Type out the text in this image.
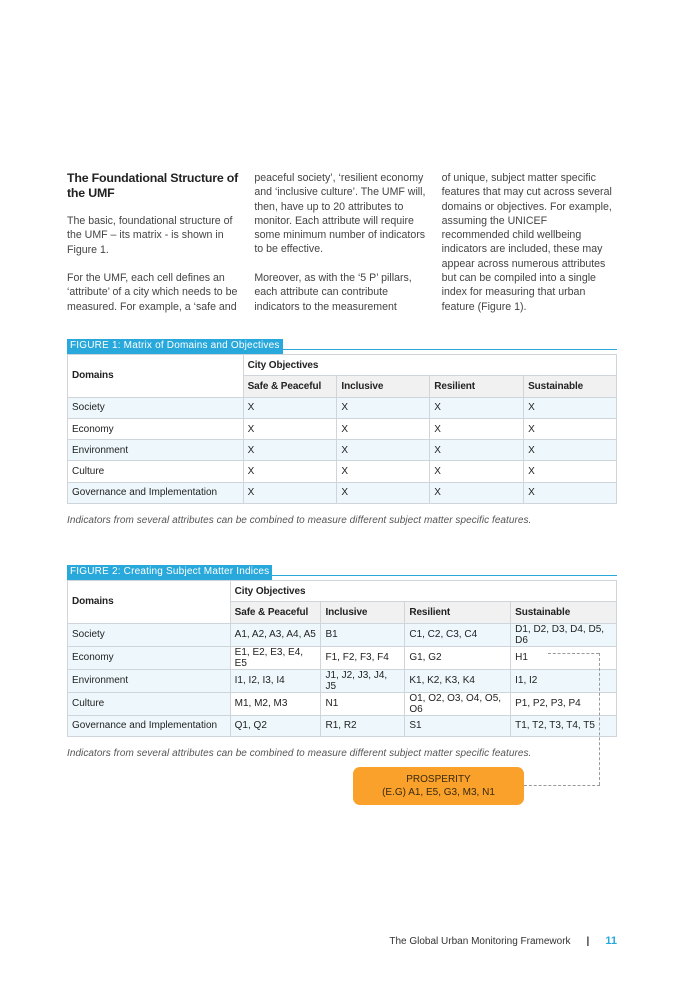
The Foundational Structure of the UMF

The basic, foundational structure of the UMF – its matrix - is shown in Figure 1.

For the UMF, each cell defines an ‘attribute’ of a city which needs to be measured. For example, a ‘safe and

peaceful society’, ‘resilient economy and ‘inclusive culture’. The UMF will, then, have up to 20 attributes to monitor. Each attribute will require some minimum number of indicators to be effective.

Moreover, as with the ‘5 P’ pillars, each attribute can contribute indicators to the measurement

of unique, subject matter specific features that may cut across several domains or objectives. For example, assuming the UNICEF recommended child wellbeing indicators are included, these may appear across numerous attributes but can be compiled into a single index for measuring that urban feature (Figure 1).

FIGURE 1: Matrix of Domains and Objectives
Domains	City Objectives			
	Safe & Peaceful	Inclusive	Resilient	Sustainable
Society	X	X	X	X
Economy	X	X	X	X
Environment	X	X	X	X
Culture	X	X	X	X
Governance and Implementation	X	X	X	X
Indicators from several attributes can be combined to measure different subject matter specific features.
FIGURE 2: Creating Subject Matter Indices
Domains	City Objectives			
	Safe & Peaceful	Inclusive	Resilient	Sustainable
Society	A1, A2, A3, A4, A5	B1	C1, C2, C3, C4	D1, D2, D3, D4, D5, D6
Economy	E1, E2, E3, E4, E5	F1, F2, F3, F4	G1, G2	H1
Environment	I1, I2, I3, I4	J1, J2, J3, J4, J5	K1, K2, K3, K4	I1, I2
Culture	M1, M2, M3	N1	O1, O2, O3, O4, O5, O6	P1, P2, P3, P4
Governance and Implementation	Q1, Q2	R1, R2	S1	T1, T2, T3, T4, T5
Indicators from several attributes can be combined to measure different subject matter specific features.
PROSPERITY
(E.G) A1, E5, G3, M3, N1
The Global Urban Monitoring Framework | 11
